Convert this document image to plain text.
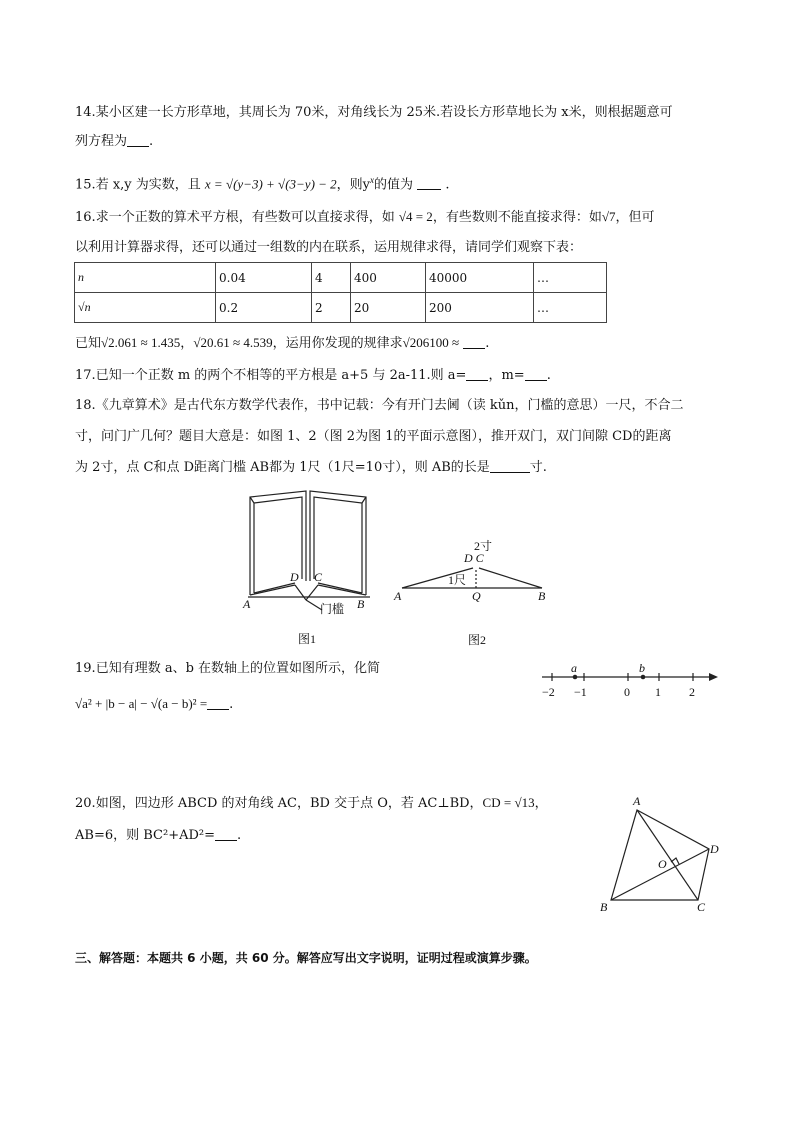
14.某小区建一长方形草地，其周长为 70米，对角线长为 25米.若设长方形草地长为 x米，则根据题意可
列方程为 .
15.若 x,y 为实数，且 x = √(y−3) + √(3−y) − 2，则$y^x$的值为  .
16.求一个正数的算术平方根，有些数可以直接求得，如 √4 = 2，有些数则不能直接求得：如√7，但可
以利用计算器求得，还可以通过一组数的内在联系，运用规律求得，请同学们观察下表：
n	0.04	4	400	40000	…
√n	0.2	2	20	200	…
已知√2.061 ≈ 1.435，√20.61 ≈ 4.539，运用你发现的规律求√206100 ≈ .
17.已知一个正数 m 的两个不相等的平方根是 a+5 与 2a-11.则 a= ，m= .
18.《九章算术》是古代东方数学代表作，书中记载：今有开门去阃（读 kǔn，门槛的意思）一尺，不合二
寸，问门广几何？题目大意是：如图 1、2（图 2为图 1的平面示意图），推开双门，双门间隙 CD的距离
为 2寸，点 C和点 D距离门槛 AB都为 1尺（1尺=10寸），则 AB的长是	寸.
A	B
D C
门槛
图1
2寸
D C
1尺
A	Q	B
图2
19.已知有理数 a、b 在数轴上的位置如图所示，化简
√a² + |b − a| − √(a − b)² = .
a	b
−2 −1	0 1 2
20.如图，四边形 ABCD 的对角线 AC，BD 交于点 O，若 AC⊥BD，CD = √13，
AB=6，则 BC²+AD²= .
A
B	C
D
O
三、解答题：本题共 6 小题，共 60 分。解答应写出文字说明，证明过程或演算步骤。
